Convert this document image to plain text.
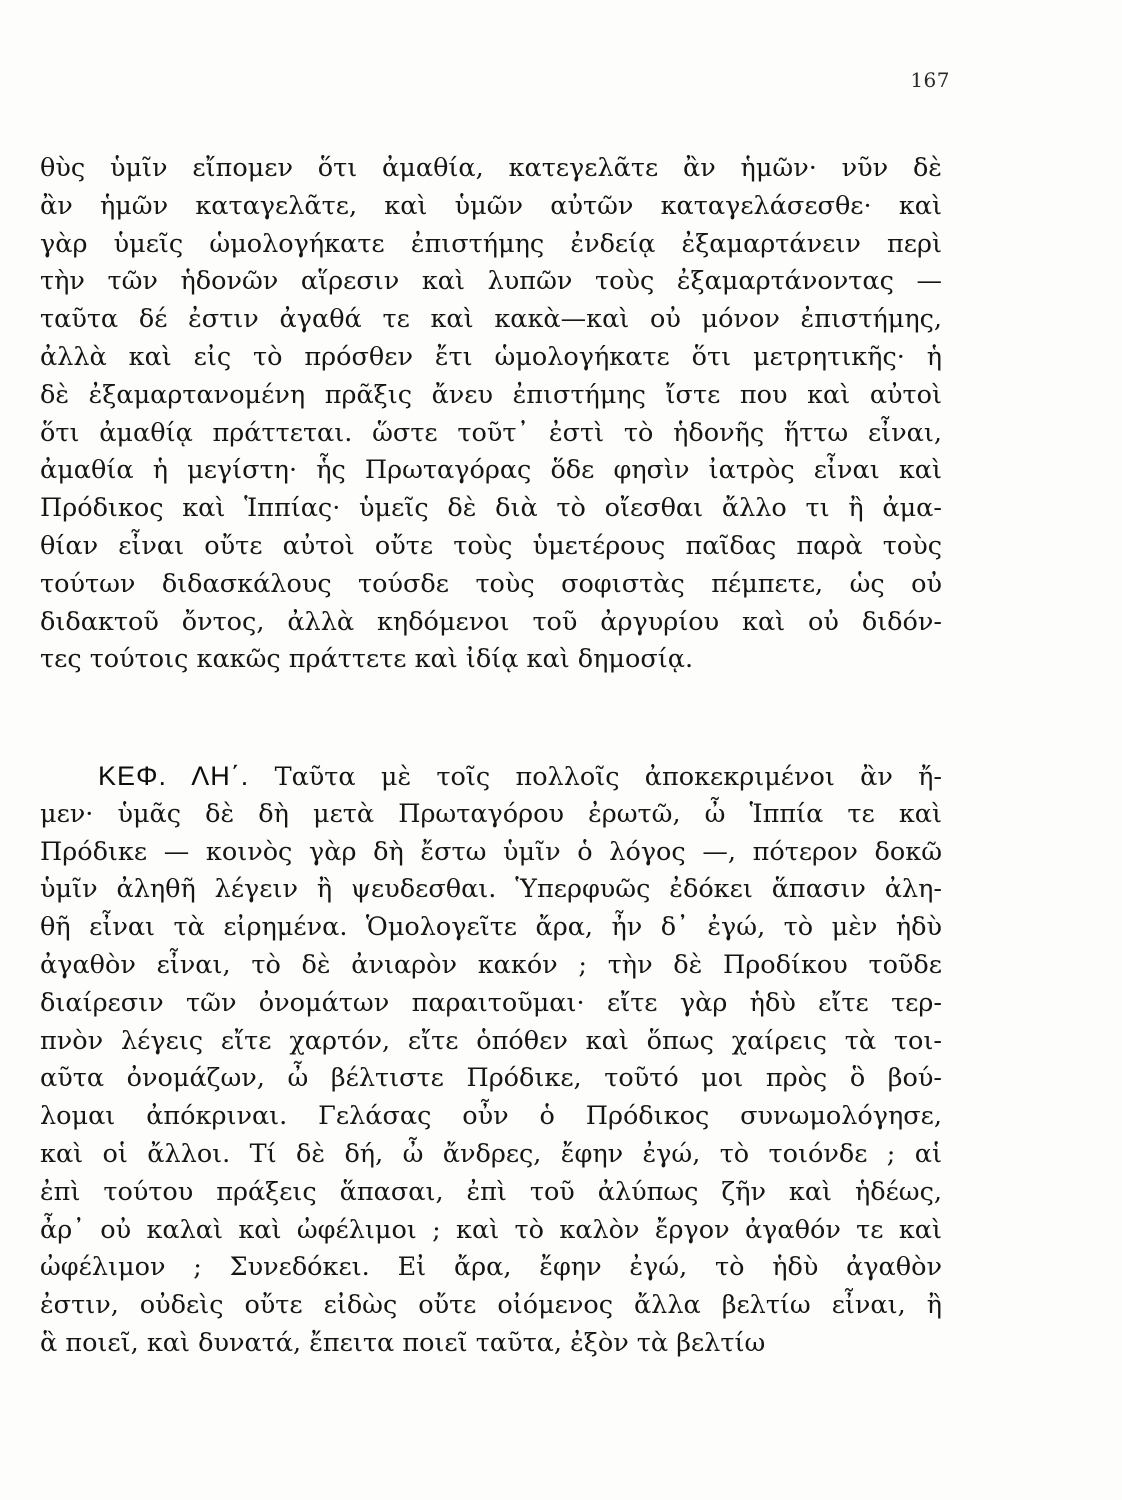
167
θὺς ὑμῖν εἴπομεν ὅτι ἀμαθία, κατεγελᾶτε ἂν ἡμῶν· νῦν δὲ
ἂν ἡμῶν καταγελᾶτε, καὶ ὑμῶν αὐτῶν καταγελάσεσθε· καὶ
γὰρ ὑμεῖς ὡμολογήκατε ἐπιστήμης ἐνδείᾳ ἐξαμαρτάνειν περὶ
τὴν τῶν ἡδονῶν αἵρεσιν καὶ λυπῶν τοὺς ἐξαμαρτάνοντας —
ταῦτα δέ ἐστιν ἀγαθά τε καὶ κακὰ—καὶ οὐ μόνον ἐπιστήμης,
ἀλλὰ καὶ εἰς τὸ πρόσθεν ἔτι ὡμολογήκατε ὅτι μετρητικῆς· ἡ
δὲ ἐξαμαρτανομένη πρᾶξις ἄνευ ἐπιστήμης ἴστε που καὶ αὐτοὶ
ὅτι ἀμαθίᾳ πράττεται. ὥστε τοῦτ᾽ ἐστὶ τὸ ἡδονῆς ἥττω εἶναι,
ἀμαθία ἡ μεγίστη· ἧς Πρωταγόρας ὅδε φησὶν ἰατρὸς εἶναι καὶ
Πρόδικος καὶ Ἱππίας· ὑμεῖς δὲ διὰ τὸ οἴεσθαι ἄλλο τι ἢ ἀμα-
θίαν εἶναι οὔτε αὐτοὶ οὔτε τοὺς ὑμετέρους παῖδας παρὰ τοὺς
τούτων διδασκάλους τούσδε τοὺς σοφιστὰς πέμπετε, ὡς οὐ
διδακτοῦ ὄντος, ἀλλὰ κηδόμενοι τοῦ ἀργυρίου καὶ οὐ διδόν-
τες τούτοις κακῶς πράττετε καὶ ἰδίᾳ καὶ δημοσίᾳ.
ΚΕΦ. ΛΗ΄. Ταῦτα μὲ τοῖς πολλοῖς ἀποκεκριμένοι ἂν ἤ-
μεν· ὑμᾶς δὲ δὴ μετὰ Πρωταγόρου ἐρωτῶ, ὦ Ἱππία τε καὶ
Πρόδικε — κοινὸς γὰρ δὴ ἔστω ὑμῖν ὁ λόγος —, πότερον δοκῶ
ὑμῖν ἀληθῆ λέγειν ἢ ψευδεσθαι. Ὑπερφυῶς ἐδόκει ἅπασιν ἀλη-
θῆ εἶναι τὰ εἰρημένα. Ὁμολογεῖτε ἄρα, ἦν δ᾽ ἐγώ, τὸ μὲν ἡδὺ
ἀγαθὸν εἶναι, τὸ δὲ ἀνιαρὸν κακόν ; τὴν δὲ Προδίκου τοῦδε
διαίρεσιν τῶν ὀνομάτων παραιτοῦμαι· εἴτε γὰρ ἡδὺ εἴτε τερ-
πνὸν λέγεις εἴτε χαρτόν, εἴτε ὁπόθεν καὶ ὅπως χαίρεις τὰ τοι-
αῦτα ὀνομάζων, ὦ βέλτιστε Πρόδικε, τοῦτό μοι πρὸς ὃ βού-
λομαι ἀπόκριναι. Γελάσας οὖν ὁ Πρόδικος συνωμολόγησε,
καὶ οἱ ἄλλοι. Τί δὲ δή, ὦ ἄνδρες, ἔφην ἐγώ, τὸ τοιόνδε ; αἱ
ἐπὶ τούτου πράξεις ἅπασαι, ἐπὶ τοῦ ἀλύπως ζῆν καὶ ἡδέως,
ἆρ᾽ οὐ καλαὶ καὶ ὠφέλιμοι ; καὶ τὸ καλὸν ἔργον ἀγαθόν τε καὶ
ὠφέλιμον ; Συνεδόκει. Εἰ ἄρα, ἔφην ἐγώ, τὸ ἡδὺ ἀγαθὸν
ἐστιν, οὐδεὶς οὔτε εἰδὼς οὔτε οἰόμενος ἄλλα βελτίω εἶναι, ἢ
ἃ ποιεῖ, καὶ δυνατά, ἔπειτα ποιεῖ ταῦτα, ἐξὸν τὰ βελτίω
